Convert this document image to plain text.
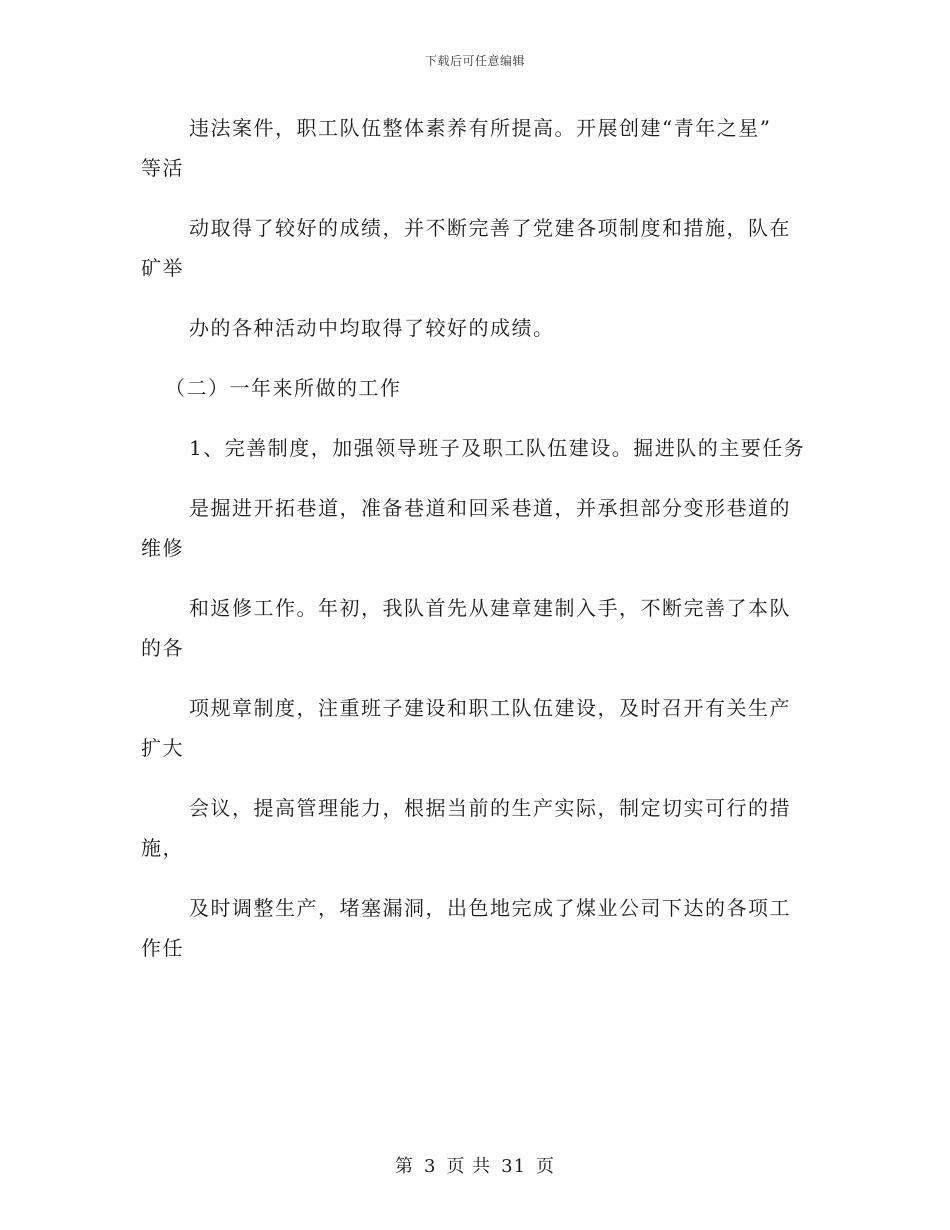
下载后可任意编辑
违法案件，职工队伍整体素养有所提高。开展创建“青年之星”
等活
动取得了较好的成绩，并不断完善了党建各项制度和措施，队在
矿举
办的各种活动中均取得了较好的成绩。
（二）一年来所做的工作
1、完善制度，加强领导班子及职工队伍建设。掘进队的主要任务
是掘进开拓巷道，准备巷道和回采巷道，并承担部分变形巷道的
维修
和返修工作。年初，我队首先从建章建制入手，不断完善了本队
的各
项规章制度，注重班子建设和职工队伍建设，及时召开有关生产
扩大
会议，提高管理能力，根据当前的生产实际，制定切实可行的措
施，
及时调整生产，堵塞漏洞，出色地完成了煤业公司下达的各项工
作任
第 3 页 共 31 页
